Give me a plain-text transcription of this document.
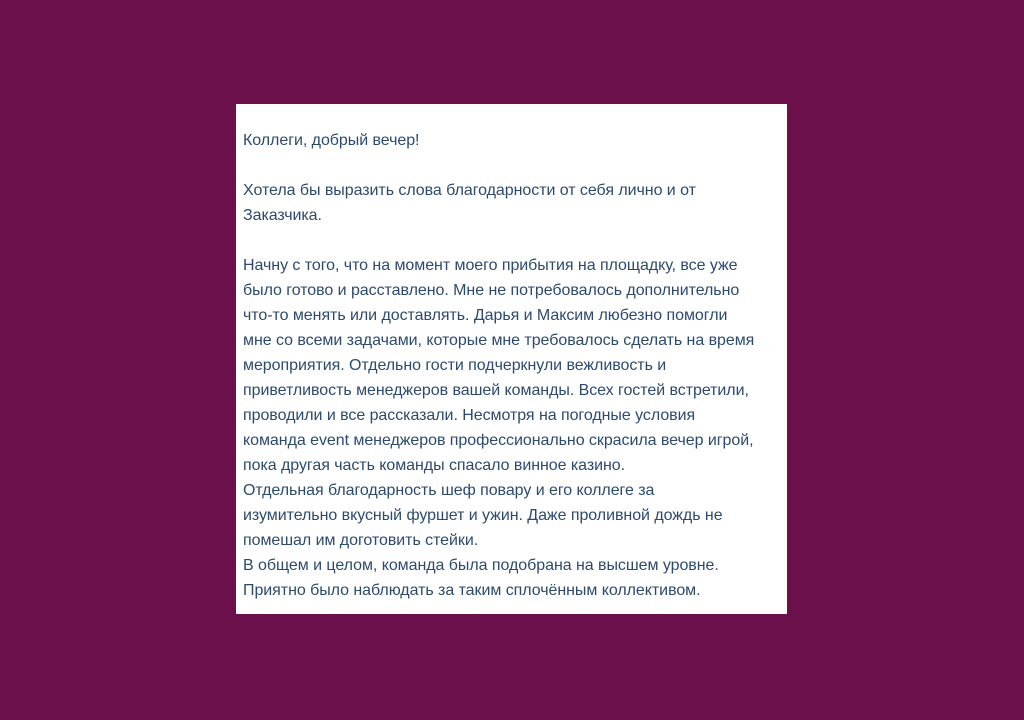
Коллеги, добрый вечер!
Хотела бы выразить слова благодарности от себя лично и от
Заказчика.
Начну с того, что на момент моего прибытия на площадку, все уже
было готово и расставлено. Мне не потребовалось дополнительно
что-то менять или доставлять. Дарья и Максим любезно помогли
мне со всеми задачами, которые мне требовалось сделать на время
мероприятия. Отдельно гости подчеркнули вежливость и
приветливость менеджеров вашей команды. Всех гостей встретили,
проводили и все рассказали. Несмотря на погодные условия
команда event менеджеров профессионально скрасила вечер игрой,
пока другая часть команды спасало винное казино.
Отдельная благодарность шеф повару и его коллеге за
изумительно вкусный фуршет и ужин. Даже проливной дождь не
помешал им доготовить стейки.
В общем и целом, команда была подобрана на высшем уровне.
Приятно было наблюдать за таким сплочённым коллективом.
